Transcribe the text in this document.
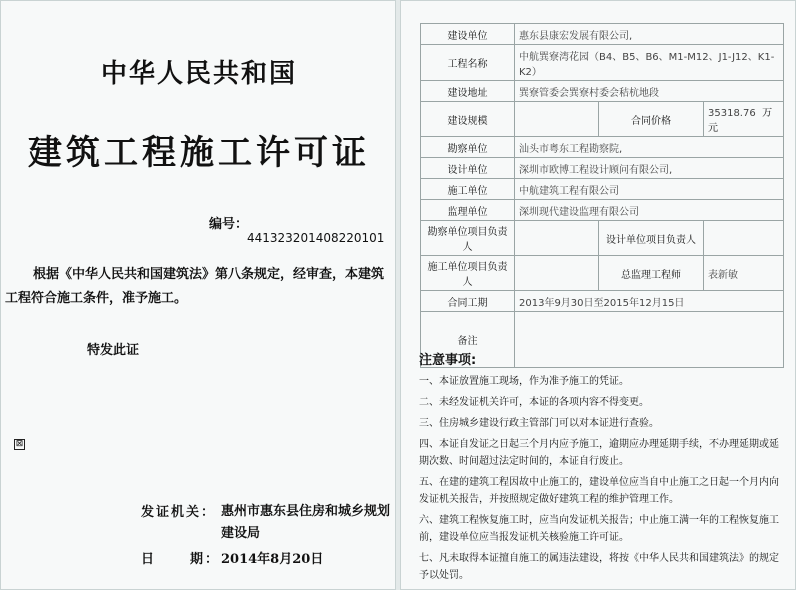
中华人民共和国
建筑工程施工许可证
编号：
441323201408220101
根据《中华人民共和国建筑法》第八条规定，经审查，本建筑工程符合施工条件，准予施工。
特发此证
⊠
发证机关： 惠州市惠东县住房和城乡规划建设局
日	期： 2014年8月20日
建设单位	惠东县康宏发展有限公司,		
工程名称	中航巽寮湾花园（B4、B5、B6、M1-M12、J1-J12、K1-K2）		
建设地址	巽寮管委会巽寮村委会秸杭地段		
建设规模		合同价格	35318.76 万元
勘察单位	汕头市粤东工程勘察院,		
设计单位	深圳市欧博工程设计顾问有限公司,		
施工单位	中航建筑工程有限公司		
监理单位	深圳现代建设监理有限公司		
勘察单位项目负责人		设计单位项目负责人	
施工单位项目负责人		总监理工程师	表新敏
合同工期	2013年9月30日至2015年12月15日		
备注			
注意事项:
一、本证放置施工现场，作为准予施工的凭证。
二、未经发证机关许可，本证的各项内容不得变更。
三、住房城乡建设行政主管部门可以对本证进行查验。
四、本证自发证之日起三个月内应予施工，逾期应办理延期手续，不办理延期或延期次数、时间超过法定时间的，本证自行废止。
五、在建的建筑工程因故中止施工的，建设单位应当自中止施工之日起一个月内向发证机关报告，并按照规定做好建筑工程的维护管理工作。
六、建筑工程恢复施工时，应当向发证机关报告；中止施工满一年的工程恢复施工前，建设单位应当报发证机关核验施工许可证。
七、凡未取得本证擅自施工的属违法建设，将按《中华人民共和国建筑法》的规定予以处罚。
